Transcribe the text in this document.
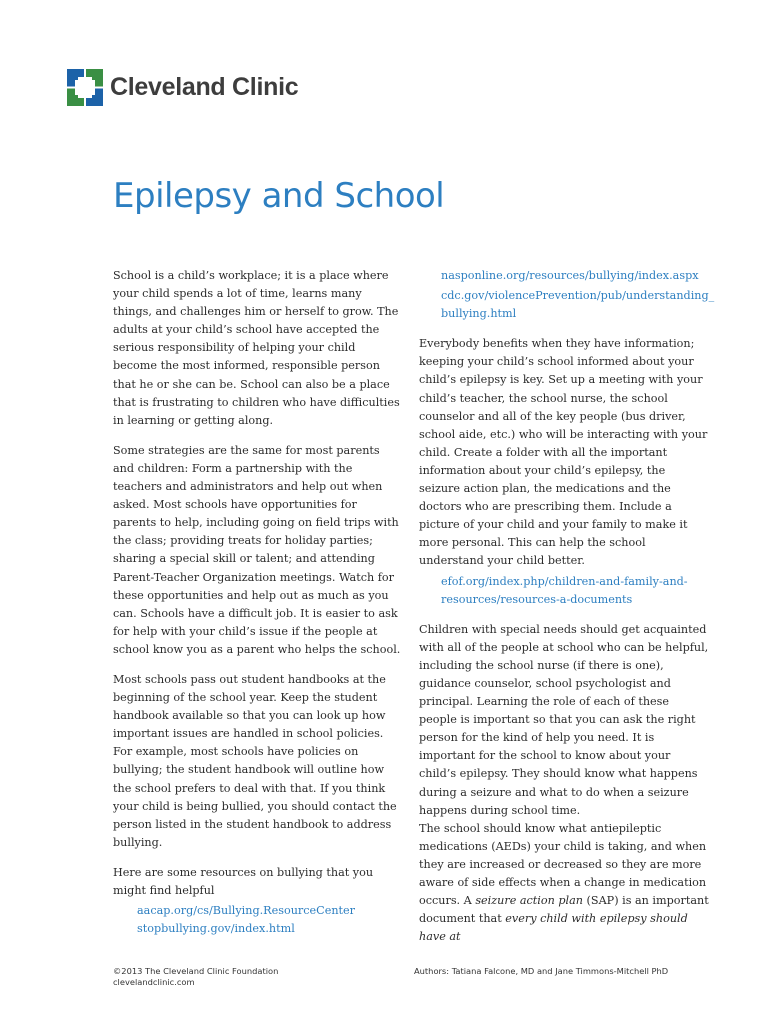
Cleveland Clinic
Epilepsy and School

School is a child’s workplace; it is a place where your child spends a lot of time, learns many things, and challenges him or herself to grow. The adults at your child’s school have accepted the serious responsibility of helping your child become the most informed, responsible person that he or she can be. School can also be a place that is frustrating to children who have difficulties in learning or getting along.

Some strategies are the same for most parents and children: Form a partnership with the teachers and administrators and help out when asked. Most schools have opportunities for parents to help, including going on field trips with the class; providing treats for holiday parties; sharing a special skill or talent; and attending Parent-Teacher Organization meetings. Watch for these opportunities and help out as much as you can. Schools have a difficult job. It is easier to ask for help with your child’s issue if the people at school know you as a parent who helps the school.

Most schools pass out student handbooks at the beginning of the school year. Keep the student handbook available so that you can look up how important issues are handled in school policies. For example, most schools have policies on bullying; the student handbook will outline how the school prefers to deal with that. If you think your child is being bullied, you should contact the person listed in the student handbook to address bullying.

Here are some resources on bullying that you might find helpful

aacap.org/cs/Bullying.ResourceCenter
stopbullying.gov/index.html
nasponline.org/resources/bullying/index.aspx
cdc.gov/violencePrevention/pub/understanding_ bullying.html

Everybody benefits when they have information; keeping your child’s school informed about your child’s epilepsy is key. Set up a meeting with your child’s teacher, the school nurse, the school counselor and all of the key people (bus driver, school aide, etc.) who will be interacting with your child. Create a folder with all the important information about your child’s epilepsy, the seizure action plan, the medications and the doctors who are prescribing them. Include a picture of your child and your family to make it more personal. This can help the school understand your child better.

efof.org/index.php/children-and-family-and-resources/resources-a-documents

Children with special needs should get acquainted with all of the people at school who can be helpful, including the school nurse (if there is one), guidance counselor, school psychologist and principal. Learning the role of each of these people is important so that you can ask the right person for the kind of help you need. It is important for the school to know about your child’s epilepsy. They should know what happens during a seizure and what to do when a seizure happens during school time.

The school should know what antiepileptic medications (AEDs) your child is taking, and when they are increased or decreased so they are more aware of side effects when a change in medication occurs. A seizure action plan (SAP) is an important document that every child with epilepsy should have at

©2013 The Cleveland Clinic Foundation
clevelandclinic.com
Authors: Tatiana Falcone, MD and Jane Timmons-Mitchell PhD
